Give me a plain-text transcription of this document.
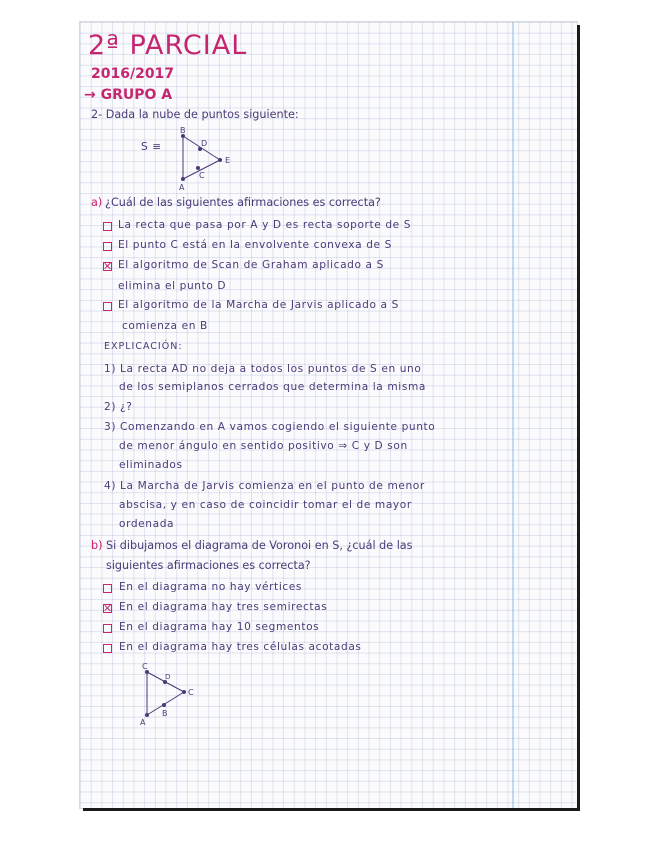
2ª PARCIAL
2016/2017
→ GRUPO A
2- Dada la nube de puntos siguiente:
S ≡
B
D
E
C
A
a) ¿Cuál de las siguientes afirmaciones es correcta?
La recta que pasa por A y D es recta soporte de S
El punto C está en la envolvente convexa de S
El algoritmo de Scan de Graham aplicado a S
elimina el punto D
El algoritmo de la Marcha de Jarvis aplicado a S
comienza en B
EXPLICACIÓN:
1) La recta AD no deja a todos los puntos de S en uno
de los semiplanos cerrados que determina la misma
2) ¿?
3) Comenzando en A vamos cogiendo el siguiente punto
de menor ángulo en sentido positivo ⇒ C y D son
eliminados
4) La Marcha de Jarvis comienza en el punto de menor
abscisa, y en caso de coincidir tomar el de mayor
ordenada
b) Si dibujamos el diagrama de Voronoi en S, ¿cuál de las
siguientes afirmaciones es correcta?
En el diagrama no hay vértices
En el diagrama hay tres semirectas
En el diagrama hay 10 segmentos
En el diagrama hay tres células acotadas
C
D
C
B
A
